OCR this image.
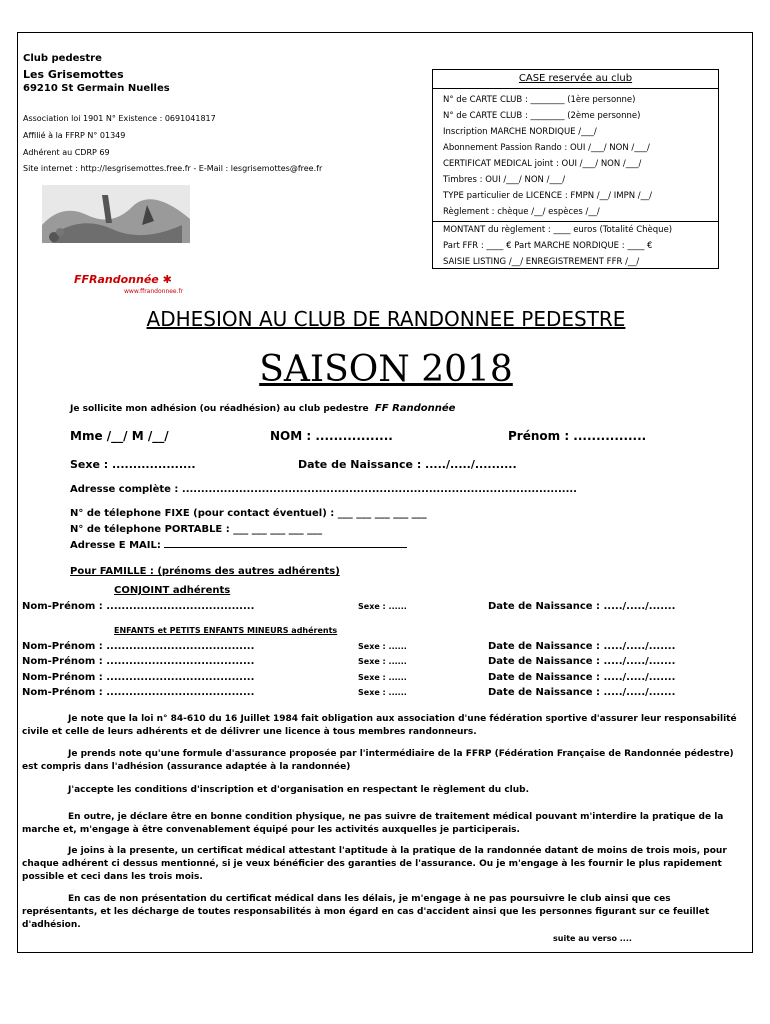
Club pedestre
Les Grisemottes
69210 St Germain Nuelles
Association loi 1901 N° Existence : 0691041817
Affilié à la FFRP N° 01349
Adhérent au CDRP 69
Site internet : http://lesgrisemottes.free.fr - E-Mail : lesgrisemottes@free.fr
FFRandonnée ✱
www.ffrandonnee.fr
CASE reservée au club
N° de CARTE CLUB : ________ (1ère personne)
N° de CARTE CLUB : ________ (2ème personne)
Inscription MARCHE NORDIQUE /___/
Abonnement Passion Rando : OUI /___/ NON /___/
CERTIFICAT MEDICAL joint : OUI /___/ NON /___/
Timbres : OUI /___/ NON /___/
TYPE particulier de LICENCE : FMPN /__/ IMPN /__/
Règlement : chèque /__/ espèces /__/
MONTANT du règlement : ____ euros (Totalité Chèque)
Part FFR : ____ € Part MARCHE NORDIQUE : ____ €
SAISIE LISTING /__/ ENREGISTREMENT FFR /__/
ADHESION AU CLUB DE RANDONNEE PEDESTRE
SAISON 2018
Je sollicite mon adhésion (ou réadhésion) au club pedestre FF Randonnée
Mme /__/ M /__/	NOM : .................	Prénom : ................
Sexe : ....................	Date de Naissance : ...../...../..........
Adresse complète : ........................................................................................................
N° de télephone FIXE (pour contact éventuel) : ___ ___ ___ ___ ___
N° de télephone PORTABLE : ___ ___ ___ ___ ___
Adresse E MAIL:
Pour FAMILLE : (prénoms des autres adhérents)
CONJOINT adhérents
Nom-Prénom : .......................................	Sexe : ......	Date de Naissance : ...../...../.......
ENFANTS et PETITS ENFANTS MINEURS adhérents
Nom-Prénom : .......................................	Sexe : ......	Date de Naissance : ...../...../.......
Nom-Prénom : .......................................	Sexe : ......	Date de Naissance : ...../...../.......
Nom-Prénom : .......................................	Sexe : ......	Date de Naissance : ...../...../.......
Nom-Prénom : .......................................	Sexe : ......	Date de Naissance : ...../...../.......
Je note que la loi n° 84-610 du 16 Juillet 1984 fait obligation aux association d'une fédération sportive d'assurer leur responsabilité civile et celle de leurs adhérents et de délivrer une licence à tous membres randonneurs.
Je prends note qu'une formule d'assurance proposée par l'intermédiaire de la FFRP (Fédération Française de Randonnée pédestre) est compris dans l'adhésion (assurance adaptée à la randonnée)
J'accepte les conditions d'inscription et d'organisation en respectant le règlement du club.
En outre, je déclare être en bonne condition physique, ne pas suivre de traitement médical pouvant m'interdire la pratique de la marche et, m'engage à être convenablement équipé pour les activités auxquelles je participerais.
Je joins à la presente, un certificat médical attestant l'aptitude à la pratique de la randonnée datant de moins de trois mois, pour chaque adhérent ci dessus mentionné, si je veux bénéficier des garanties de l'assurance. Ou je m'engage à les fournir le plus rapidement possible et ceci dans les trois mois.
En cas de non présentation du certificat médical dans les délais, je m'engage à ne pas poursuivre le club ainsi que ces représentants, et les décharge de toutes responsabilités à mon égard en cas d'accident ainsi que les personnes figurant sur ce feuillet d'adhésion.
suite au verso ....
